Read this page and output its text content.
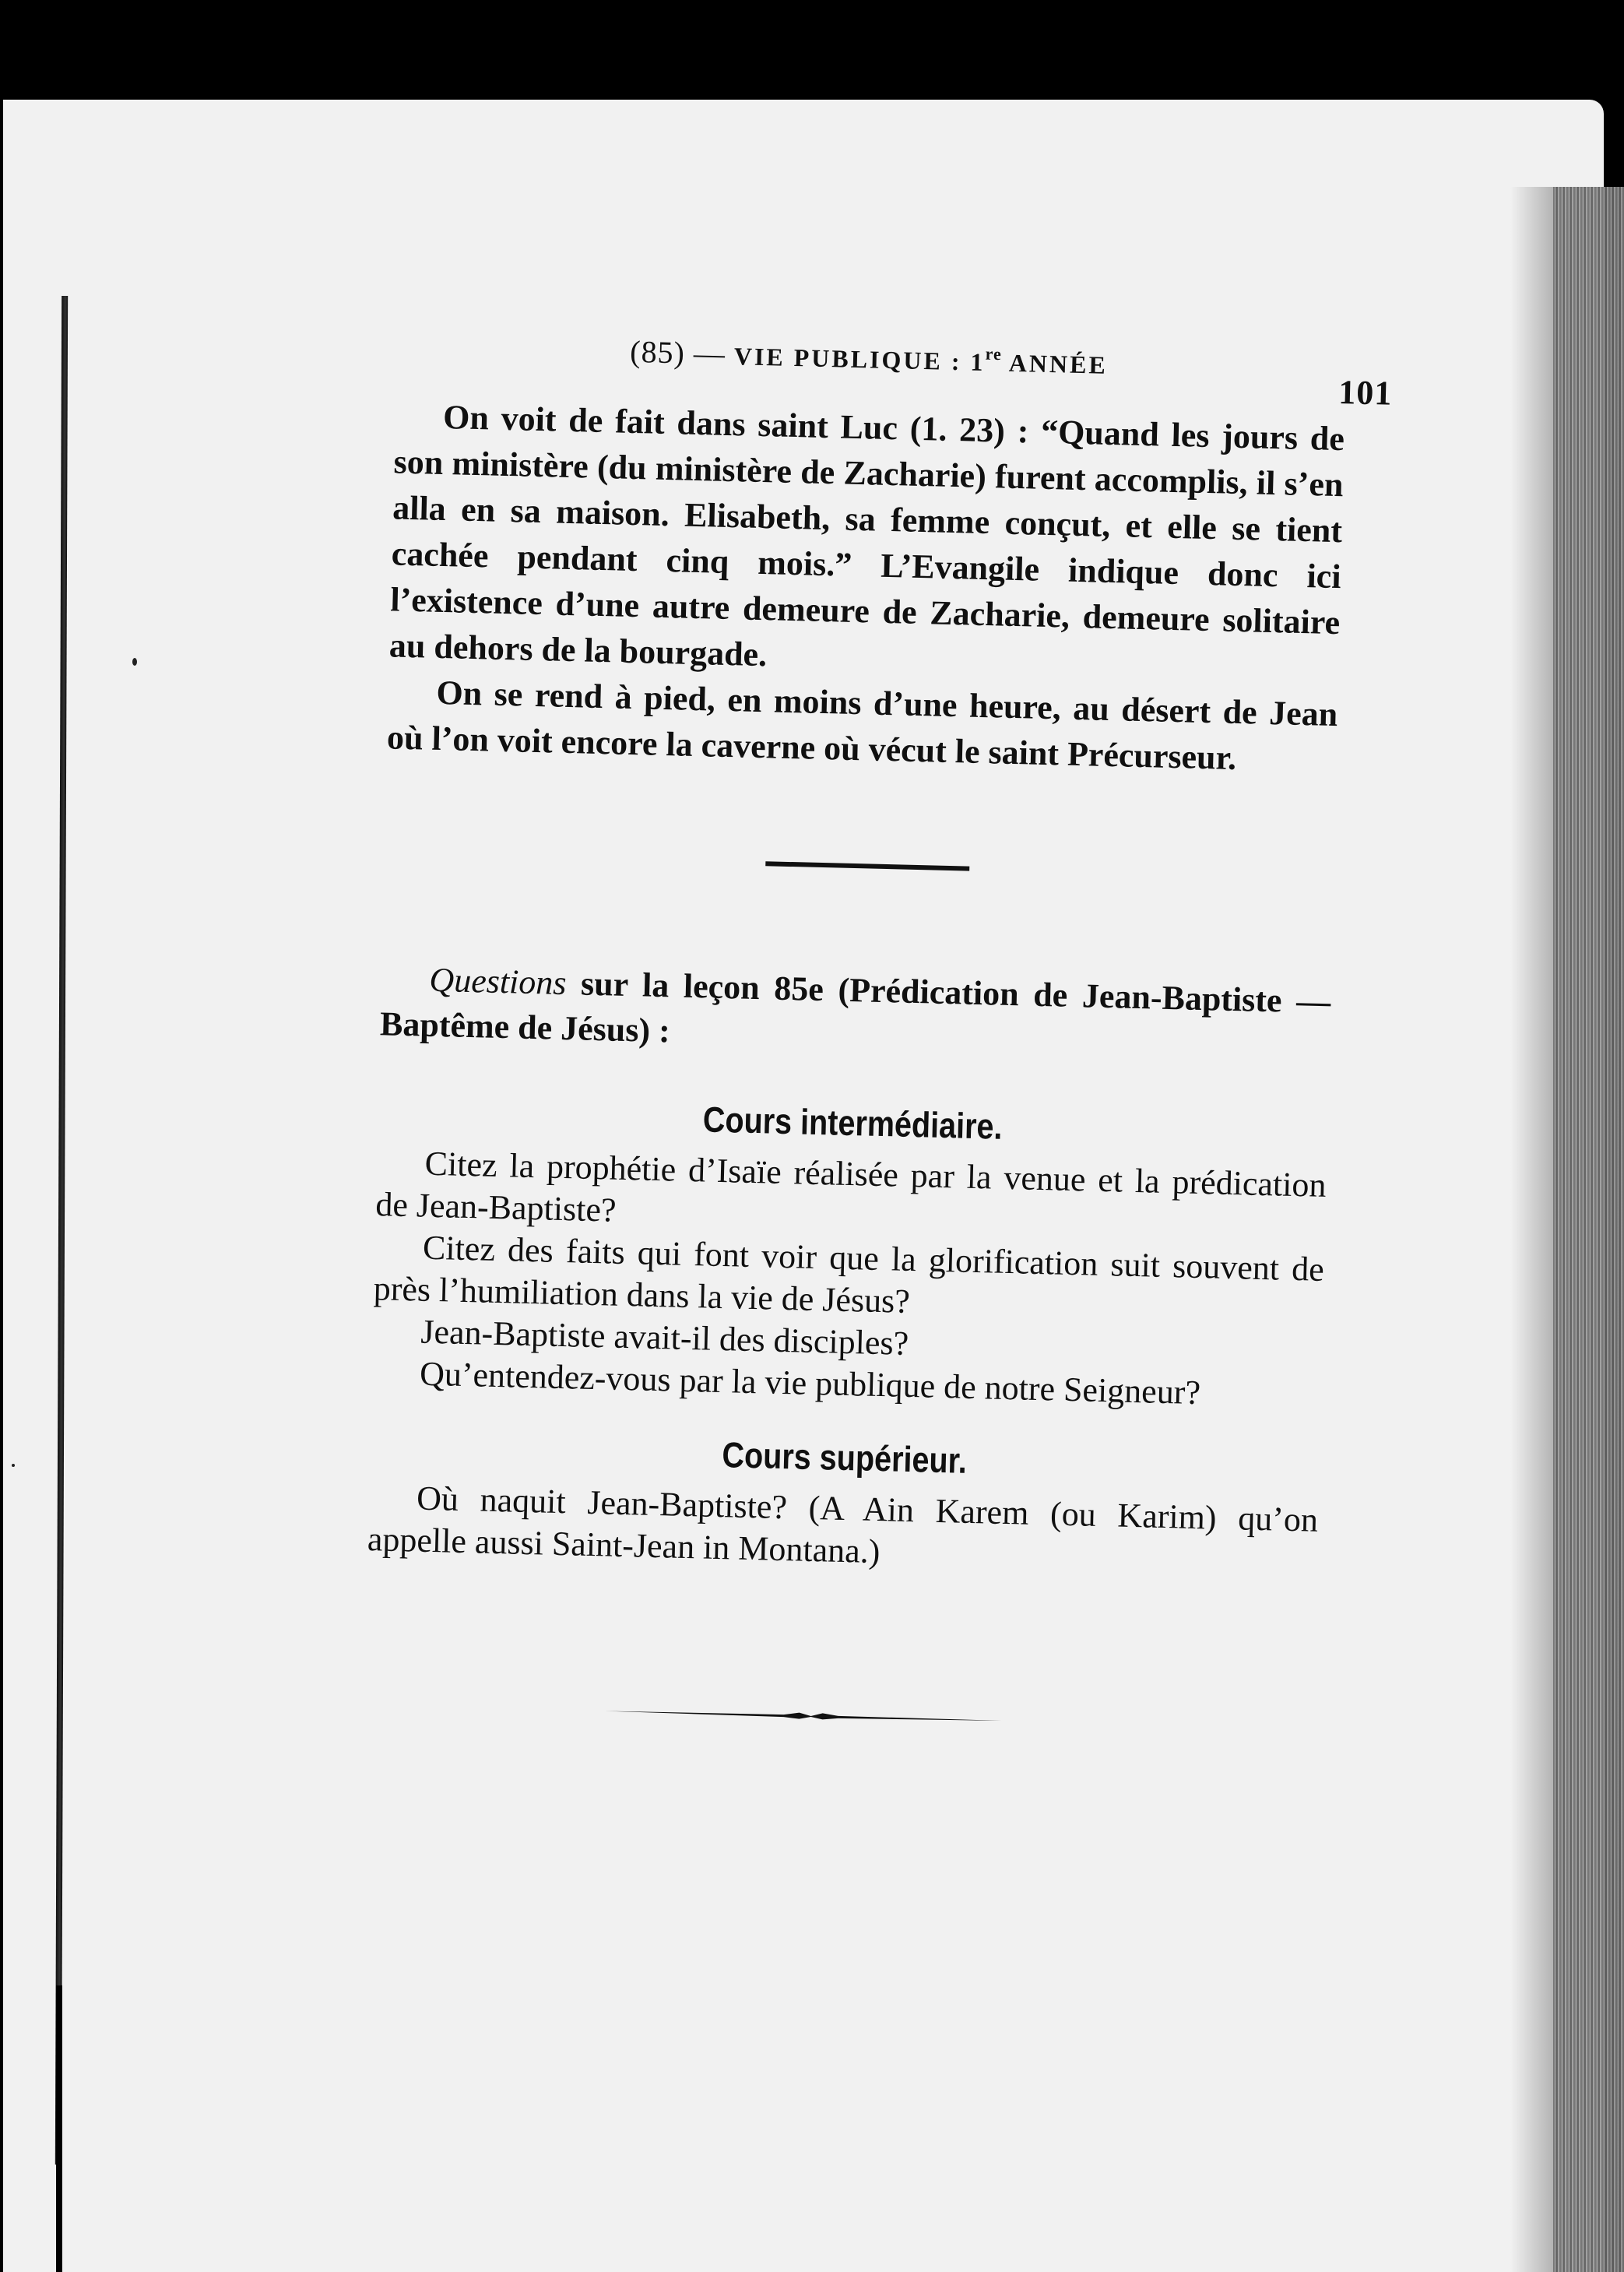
(85) — VIE PUBLIQUE : 1re ANNÉE
101

On voit de fait dans saint Luc (1. 23) : “Quand les jours de son ministère (du ministère de Zacharie) furent accomplis, il s’en alla en sa maison. Elisabeth, sa femme conçut, et elle se tient cachée pendant cinq mois.” L’Evangile indique donc ici l’existence d’une autre demeure de Zacharie, demeure solitaire au dehors de la bourgade.

On se rend à pied, en moins d’une heure, au désert de Jean où l’on voit encore la caverne où vécut le saint Précurseur.

Questions sur la leçon 85e (Prédication de Jean-Baptiste — Baptême de Jésus) :

Cours intermédiaire.

Citez la prophétie d’Isaïe réalisée par la venue et la prédication de Jean-Baptiste?

Citez des faits qui font voir que la glorification suit souvent de près l’humiliation dans la vie de Jésus?

Jean-Baptiste avait-il des disciples?

Qu’entendez-vous par la vie publique de notre Seigneur?

Cours supérieur.

Où naquit Jean-Baptiste? (A Ain Karem (ou Karim) qu’on appelle aussi Saint-Jean in Montana.)
